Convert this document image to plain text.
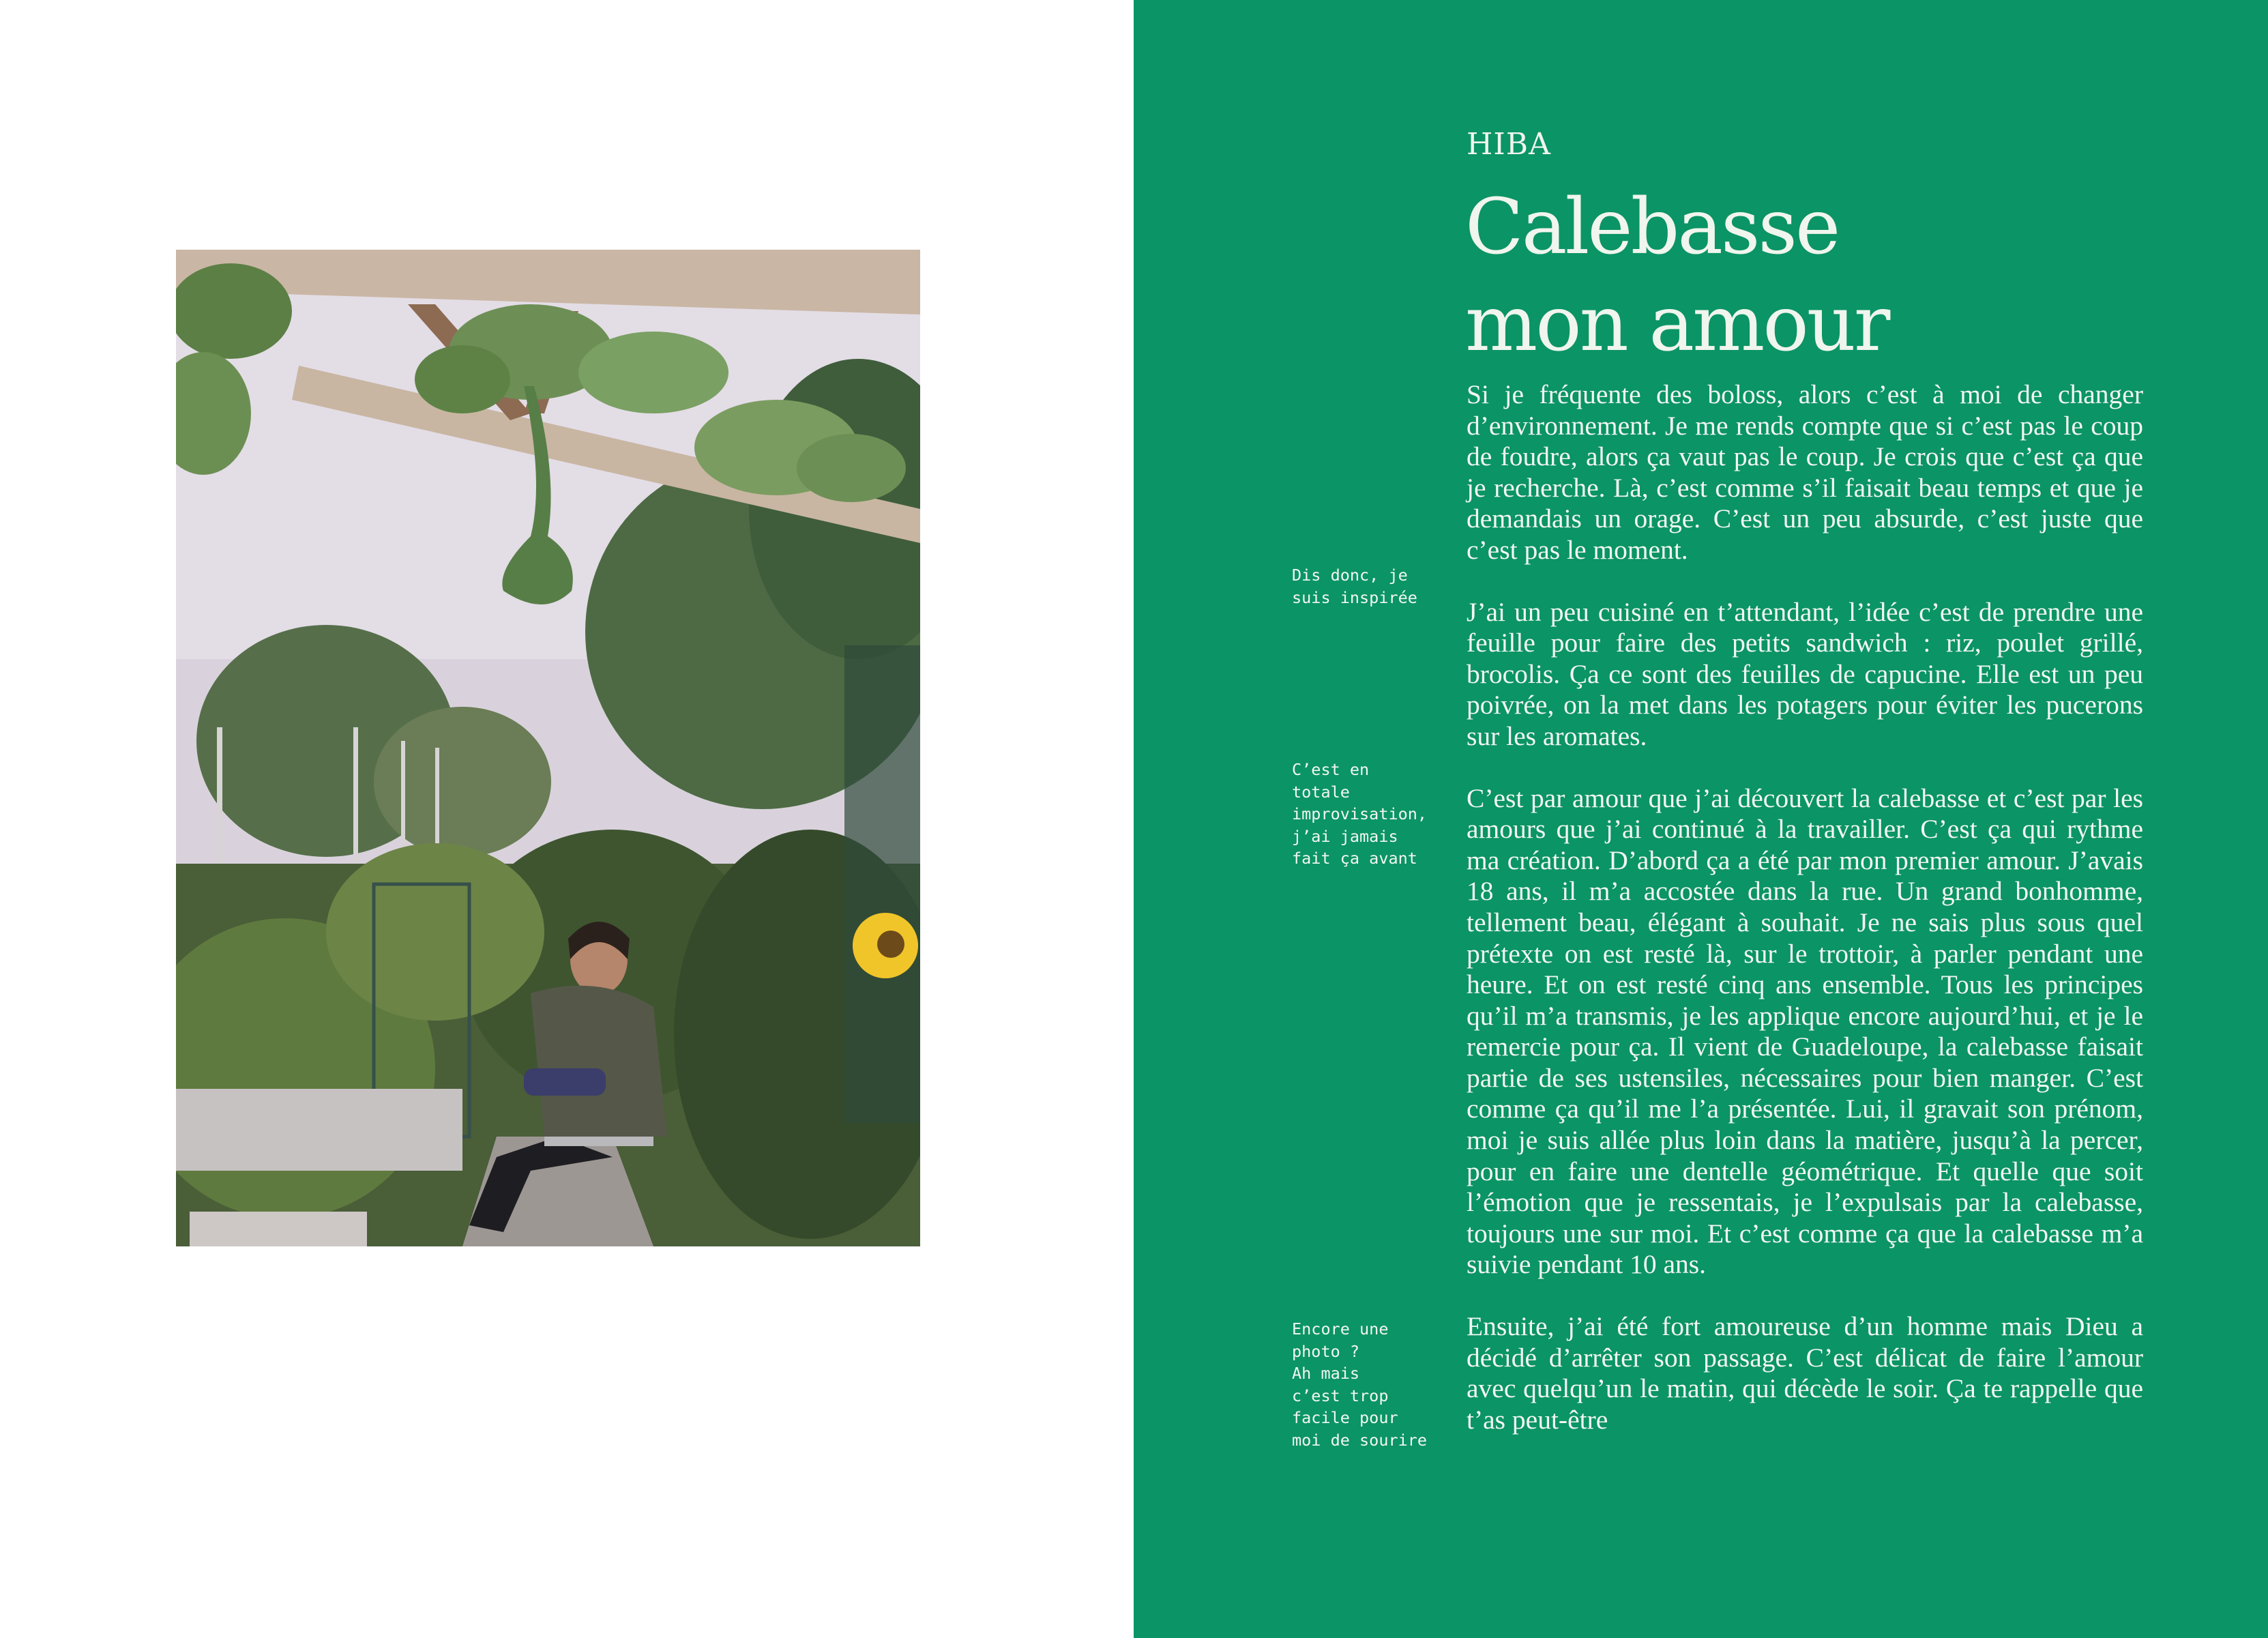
HIBA
Calebasse
mon amour

Si je fréquente des boloss, alors c’est à moi de changer d’environnement. Je me rends compte que si c’est pas le coup de foudre, alors ça vaut pas le coup. Je crois que c’est ça que je recherche. Là, c’est comme s’il faisait beau temps et que je demandais un orage. C’est un peu absurde, c’est juste que c’est pas le moment.

J’ai un peu cuisiné en t’attendant, l’idée c’est de prendre une feuille pour faire des petits sandwich : riz, poulet grillé, brocolis. Ça ce sont des feuilles de capucine. Elle est un peu poivrée, on la met dans les potagers pour éviter les pucerons sur les aromates.

C’est par amour que j’ai découvert la calebasse et c’est par les amours que j’ai continué à la travailler. C’est ça qui rythme ma création. D’abord ça a été par mon premier amour. J’avais 18 ans, il m’a accostée dans la rue. Un grand bonhomme, tellement beau, élégant à souhait. Je ne sais plus sous quel prétexte on est resté là, sur le trottoir, à parler pendant une heure. Et on est resté cinq ans ensemble. Tous les principes qu’il m’a transmis, je les applique encore aujourd’hui, et je le remercie pour ça. Il vient de Guadeloupe, la calebasse faisait partie de ses ustensiles, nécessaires pour bien manger. C’est comme ça qu’il me l’a présentée. Lui, il gravait son prénom, moi je suis allée plus loin dans la matière, jusqu’à la percer, pour en faire une dentelle géométrique. Et quelle que soit l’émotion que je ressentais, je l’expulsais par la calebasse, toujours une sur moi. Et c’est comme ça que la calebasse m’a suivie pendant 10 ans.

Ensuite, j’ai été fort amoureuse d’un homme mais Dieu a décidé d’arrêter son passage. C’est délicat de faire l’amour avec quelqu’un le matin, qui décède le soir. Ça te rappelle que t’as peut-être

Dis donc, je
suis inspirée
C’est en
totale
improvisation,
j’ai jamais
fait ça avant
Encore une
photo ?
Ah mais
c’est trop
facile pour
moi de sourire
